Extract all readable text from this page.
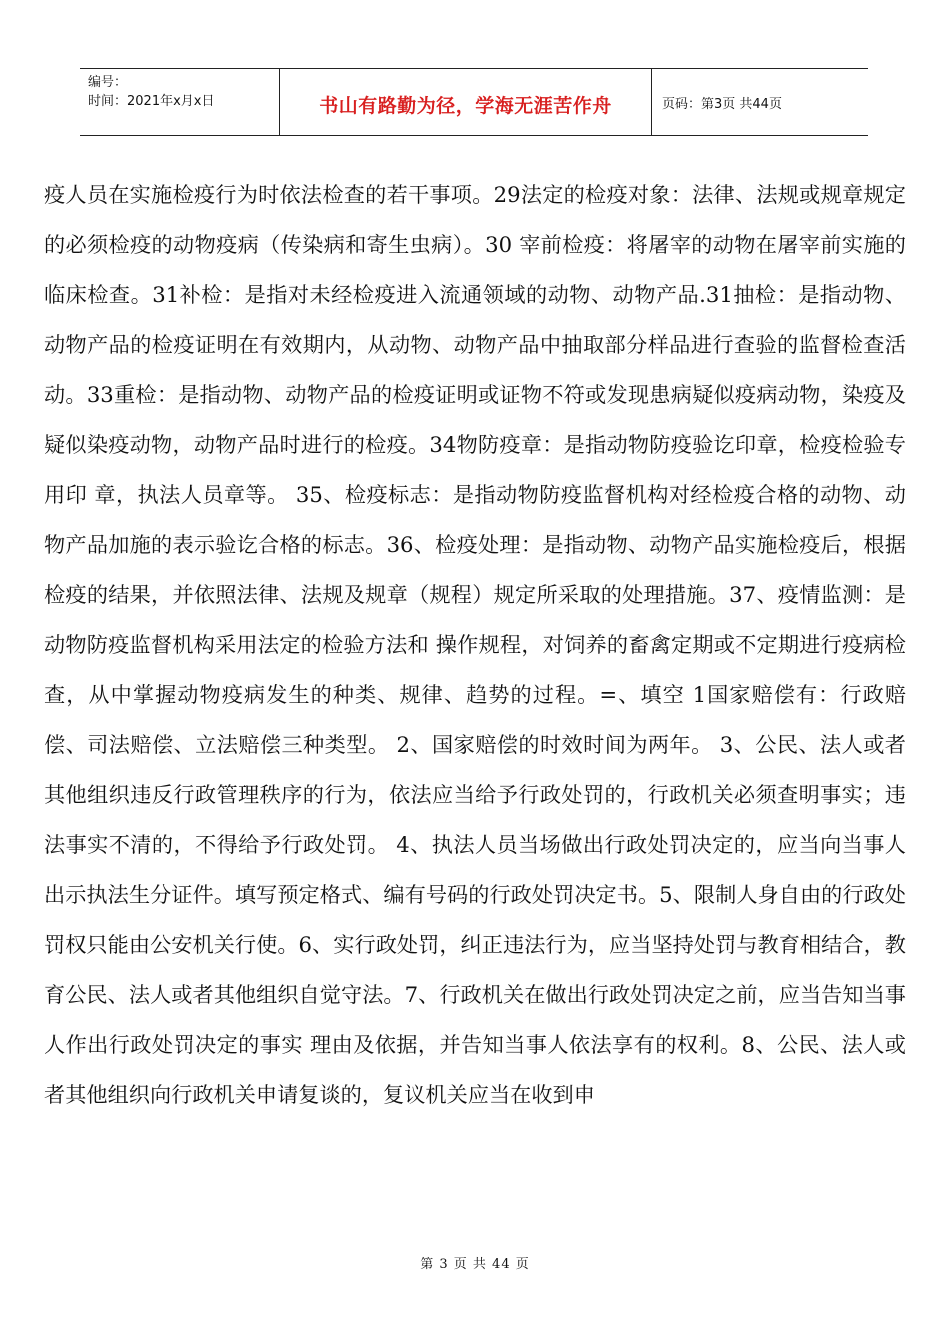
编号：
时间：2021年x月x日	书山有路勤为径，学海无涯苦作舟	页码：第3页 共44页

疫人员在实施检疫行为时依法检查的若干事项。29法定的检疫对象：法律、法规或规章规定的必须检疫的动物疫病（传染病和寄生虫病）。30 宰前检疫：将屠宰的动物在屠宰前实施的临床检查。31补检：是指对未经检疫进入流通领域的动物、动物产品.31抽检：是指动物、动物产品的检疫证明在有效期内，从动物、动物产品中抽取部分样品进行查验的监督检查活动。33重检：是指动物、动物产品的检疫证明或证物不符或发现患病疑似疫病动物，染疫及疑似染疫动物，动物产品时进行的检疫。34物防疫章：是指动物防疫验讫印章，检疫检验专用印 章，执法人员章等。 35、检疫标志：是指动物防疫监督机构对经检疫合格的动物、动物产品加施的表示验讫合格的标志。36、检疫处理：是指动物、动物产品实施检疫后，根据检疫的结果，并依照法律、法规及规章（规程）规定所采取的处理措施。37、疫情监测：是动物防疫监督机构采用法定的检验方法和 操作规程，对饲养的畜禽定期或不定期进行疫病检查，从中掌握动物疫病发生的种类、规律、趋势的过程。=、填空 1国家赔偿有：行政赔偿、司法赔偿、立法赔偿三种类型。 2、国家赔偿的时效时间为两年。 3、公民、法人或者其他组织违反行政管理秩序的行为，依法应当给予行政处罚的，行政机关必须查明事实；违法事实不清的，不得给予行政处罚。 4、执法人员当场做出行政处罚决定的，应当向当事人出示执法生分证件。填写预定格式、编有号码的行政处罚决定书。5、限制人身自由的行政处罚权只能由公安机关行使。6、实行政处罚，纠正违法行为，应当坚持处罚与教育相结合，教育公民、法人或者其他组织自觉守法。7、行政机关在做出行政处罚决定之前，应当告知当事人作出行政处罚决定的事实 理由及依据，并告知当事人依法享有的权利。8、公民、法人或者其他组织向行政机关申请复谈的，复议机关应当在收到申

第 3 页 共 44 页
